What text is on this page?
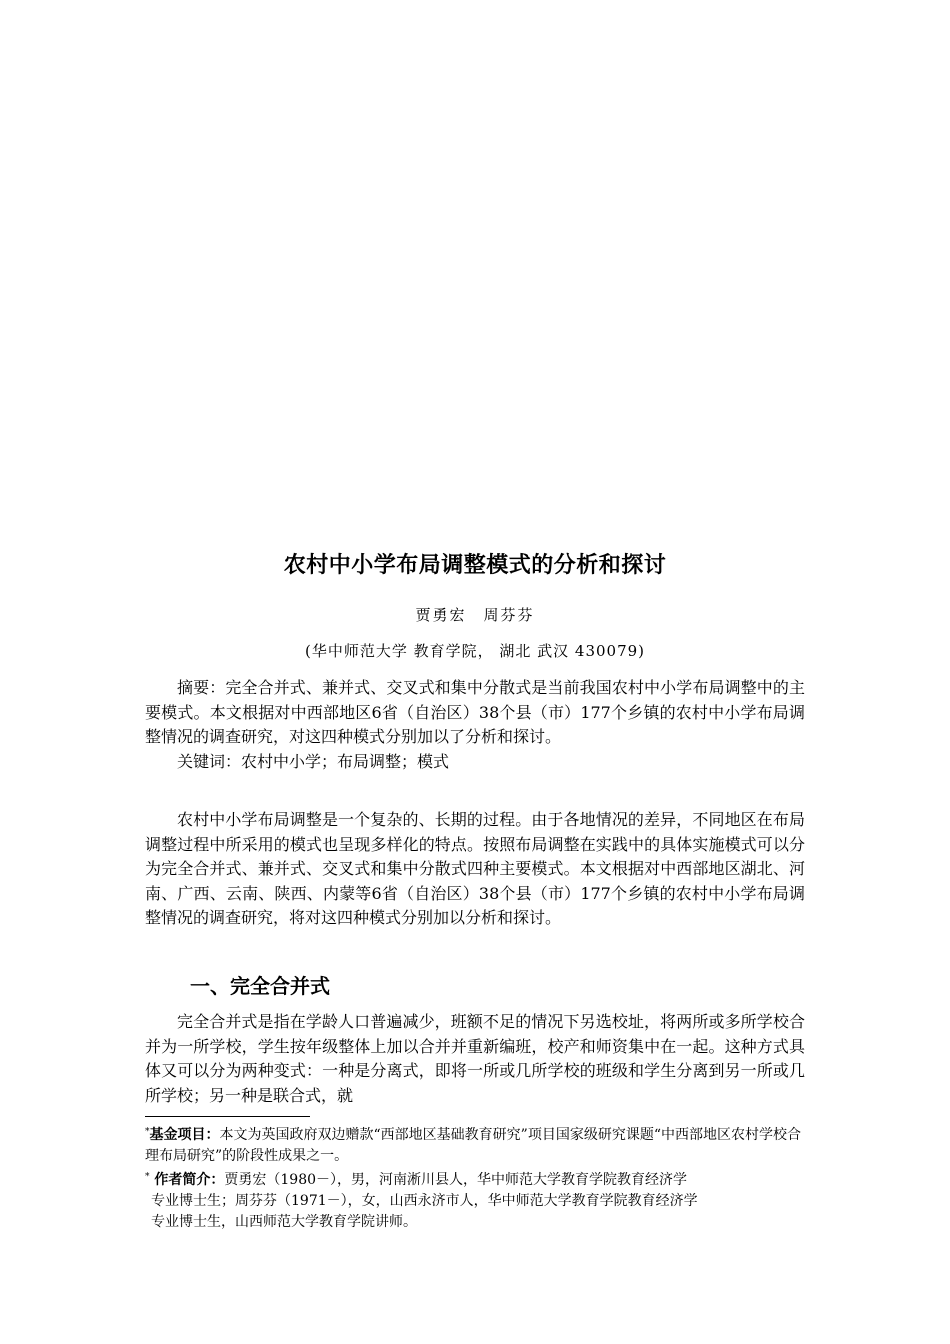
农村中小学布局调整模式的分析和探讨
贾勇宏　周芬芬
(华中师范大学 教育学院， 湖北 武汉 430079)

摘要：完全合并式、兼并式、交叉式和集中分散式是当前我国农村中小学布局调整中的主要模式。本文根据对中西部地区6省（自治区）38个县（市）177个乡镇的农村中小学布局调整情况的调查研究，对这四种模式分别加以了分析和探讨。

关键词：农村中小学；布局调整；模式

农村中小学布局调整是一个复杂的、长期的过程。由于各地情况的差异，不同地区在布局调整过程中所采用的模式也呈现多样化的特点。按照布局调整在实践中的具体实施模式可以分为完全合并式、兼并式、交叉式和集中分散式四种主要模式。本文根据对中西部地区湖北、河南、广西、云南、陕西、内蒙等6省（自治区）38个县（市）177个乡镇的农村中小学布局调整情况的调查研究，将对这四种模式分别加以分析和探讨。

一、完全合并式

完全合并式是指在学龄人口普遍减少，班额不足的情况下另选校址，将两所或多所学校合并为一所学校，学生按年级整体上加以合并并重新编班，校产和师资集中在一起。这种方式具体又可以分为两种变式：一种是分离式，即将一所或几所学校的班级和学生分离到另一所或几所学校；另一种是联合式，就

*基金项目：本文为英国政府双边赠款“西部地区基础教育研究”项目国家级研究课题“中西部地区农村学校合理布局研究”的阶段性成果之一。

* 作者简介：贾勇宏（1980－），男，河南淅川县人，华中师范大学教育学院教育经济学

专业博士生；周芬芬（1971－），女，山西永济市人，华中师范大学教育学院教育经济学

专业博士生，山西师范大学教育学院讲师。
